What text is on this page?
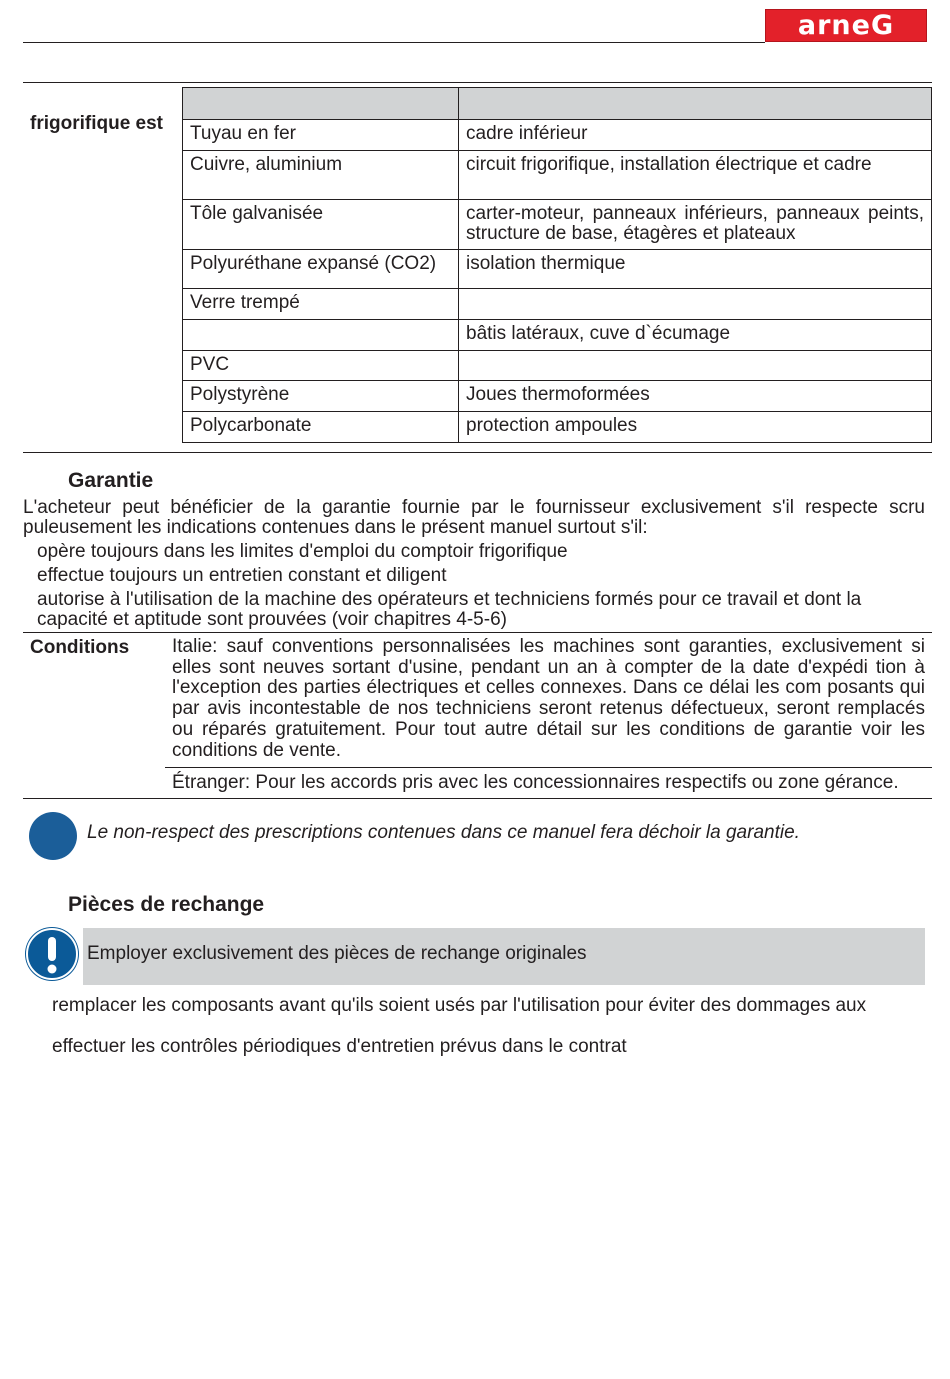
arneG
frigorifique est
	Tuyau en fer	cadre inférieur
Cuivre, aluminium	circuit frigorifique, installation électrique et cadre
Tôle galvanisée	carter-moteur, panneaux inférieurs, panneaux peints, structure de base, étagères et plateaux
Polyuréthane expansé (CO2)	isolation thermique
Verre trempé	
	bâtis latéraux, cuve d`écumage
PVC	
Polystyrène	Joues thermoformées
Polycarbonate	protection ampoules
Garantie
L'acheteur peut bénéficier de la garantie fournie par le fournisseur exclusivement s'il respecte scru puleusement les indications contenues dans le présent manuel surtout s'il:
opère toujours dans les limites d'emploi du comptoir frigorifique
effectue toujours un entretien constant et diligent
autorise à l'utilisation de la machine des opérateurs et techniciens formés pour ce travail et dont la capacité et aptitude sont prouvées (voir chapitres 4-5-6)
Conditions Italie: sauf conventions personnalisées les machines sont garanties, exclusivement si elles sont neuves sortant d'usine, pendant un an à compter de la date d'expédi tion à l'exception des parties électriques et celles connexes. Dans ce délai les com posants qui par avis incontestable de nos techniciens seront retenus défectueux, seront remplacés ou réparés gratuitement. Pour tout autre détail sur les conditions de garantie voir les conditions de vente.
Étranger: Pour les accords pris avec les concessionnaires respectifs ou zone gérance.
Le non-respect des prescriptions contenues dans ce manuel fera déchoir la garantie.
Pièces de rechange
Employer exclusivement des pièces de rechange originales
remplacer les composants avant qu'ils soient usés par l'utilisation pour éviter des dommages aux
effectuer les contrôles périodiques d'entretien prévus dans le contrat
